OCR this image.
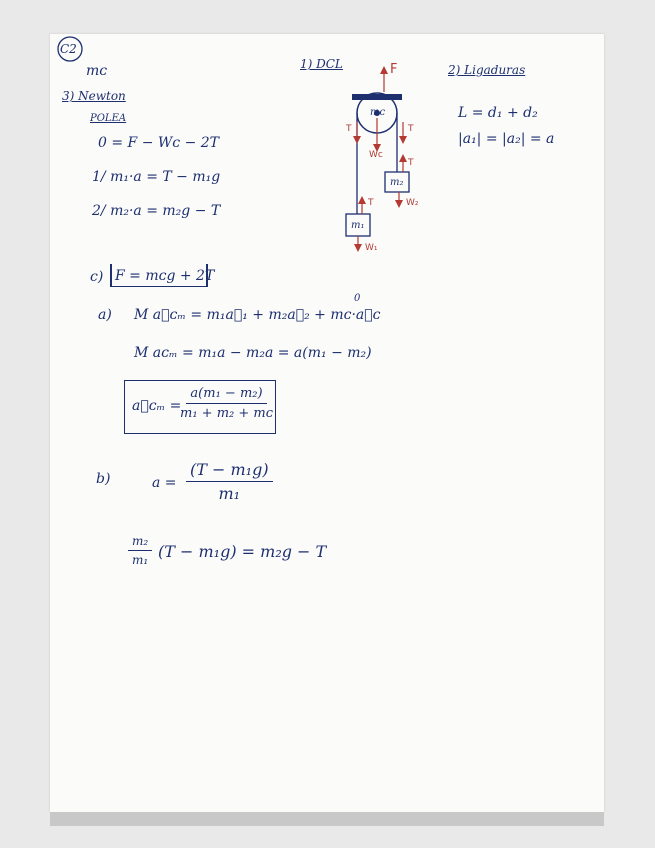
C2
mᴄ	1) DCL	2) Ligaduras
L = d₁ + d₂
|a₁| = |a₂| = a
3) Newton
POLEA
0 = F − Wᴄ − 2T
1/ m₁·a = T − m₁g
2/ m₂·a = m₂g − T
F
T	T
Wᴄ
T
W₂
T
W₁
mᴄ
m₂
m₁
c) F = mᴄg + 2T
a) M a⃗ᴄₘ = m₁a⃗₁ + m₂a⃗₂ + mᴄ·a⃗ᴄ
0
M aᴄₘ = m₁a − m₂a = a(m₁ − m₂)
a⃗ᴄₘ =
$\frac{\text{a(m₁ − m₂)}}{\text{m₁ + m₂ + mᴄ}}$
b)	$a = \frac{\text{(T − m₁g)}}{\text{m₁}}$
$\frac{\text{m₂}}{\text{m₁}} (T - m_1g) = m_2g - T$
